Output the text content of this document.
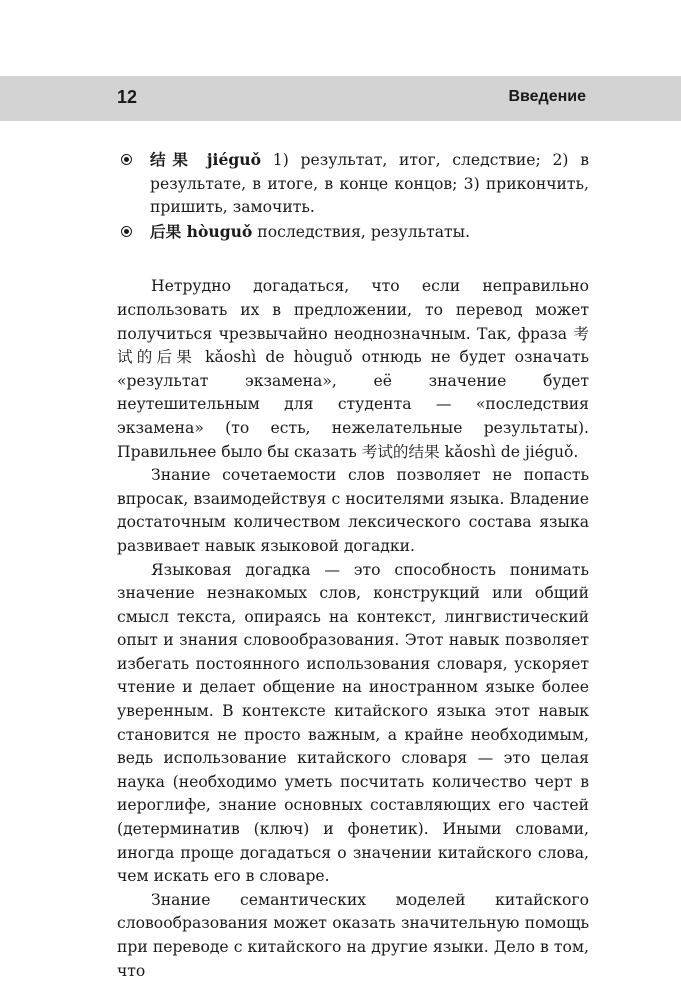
12	Введение
结果 jiéguǒ 1) результат, итог, следствие; 2) в результате, в итоге, в конце концов; 3) прикончить, пришить, замочить.
后果 hòuguǒ последствия, результаты.

Нетрудно догадаться, что если неправильно использовать их в предложении, то перевод может получиться чрезвычайно неоднозначным. Так, фраза 考试的后果 kǎoshì de hòuguǒ отнюдь не будет означать «результат экзамена», её значение будет неутешительным для студента — «последствия экзамена» (то есть, нежелательные результаты). Правильнее было бы сказать 考试的结果 kǎoshì de jiéguǒ.

Знание сочетаемости слов позволяет не попасть впросак, взаимодействуя с носителями языка. Владение достаточным количеством лексического состава языка развивает навык языковой догадки.

Языковая догадка — это способность понимать значение незнакомых слов, конструкций или общий смысл текста, опираясь на контекст, лингвистический опыт и знания словообразования. Этот навык позволяет избегать постоянного использования словаря, ускоряет чтение и делает общение на иностранном языке более уверенным. В контексте китайского языка этот навык становится не просто важным, а крайне необходимым, ведь использование китайского словаря — это целая наука (необходимо уметь посчитать количество черт в иероглифе, знание основных составляющих его частей (детерминатив (ключ) и фонетик). Иными словами, иногда проще догадаться о значении китайского слова, чем искать его в словаре.

Знание семантических моделей китайского словообразования может оказать значительную помощь при переводе с китайского на другие языки. Дело в том, что
